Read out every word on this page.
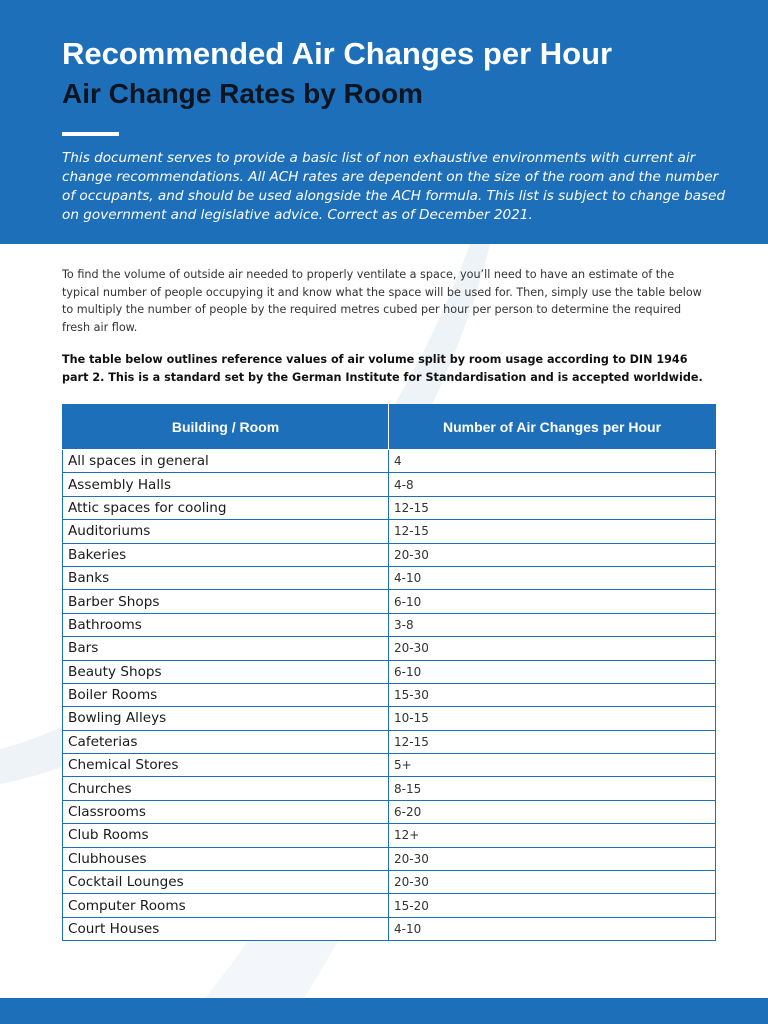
Recommended Air Changes per Hour
Air Change Rates by Room

This document serves to provide a basic list of non exhaustive environments with current air change recommendations. All ACH rates are dependent on the size of the room and the number of occupants, and should be used alongside the ACH formula. This list is subject to change based on government and legislative advice. Correct as of December 2021.

To find the volume of outside air needed to properly ventilate a space, you’ll need to have an estimate of the typical number of people occupying it and know what the space will be used for. Then, simply use the table below to multiply the number of people by the required metres cubed per hour per person to determine the required fresh air flow.

The table below outlines reference values of air volume split by room usage according to DIN 1946 part 2. This is a standard set by the German Institute for Standardisation and is accepted worldwide.

Building / Room	Number of Air Changes per Hour
All spaces in general	4
Assembly Halls	4-8
Attic spaces for cooling	12-15
Auditoriums	12-15
Bakeries	20-30
Banks	4-10
Barber Shops	6-10
Bathrooms	3-8
Bars	20-30
Beauty Shops	6-10
Boiler Rooms	15-30
Bowling Alleys	10-15
Cafeterias	12-15
Chemical Stores	5+
Churches	8-15
Classrooms	6-20
Club Rooms	12+
Clubhouses	20-30
Cocktail Lounges	20-30
Computer Rooms	15-20
Court Houses	4-10
